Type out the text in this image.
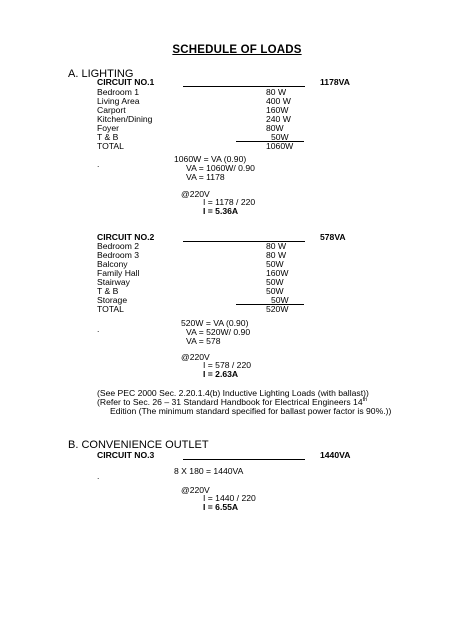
SCHEDULE OF LOADS
A. LIGHTING
CIRCUIT NO.1	1178VA
Bedroom 1	80 W
Living Area	400 W
Carport	160W
Kitchen/Dining	240 W
Foyer	80W
T & B	50W
TOTAL	1060W
.	1060W = VA (0.90)
VA = 1060W/ 0.90
VA = 1178
@220V
I = 1178 / 220
I = 5.36A
CIRCUIT NO.2	578VA
Bedroom 2	80 W
Bedroom 3	80 W
Balcony	50W
Family Hall	160W
Stairway	50W
T & B	50W
Storage	50W
TOTAL	520W
.
520W = VA (0.90)
VA = 520W/ 0.90
VA = 578
@220V
I = 578 / 220
I = 2.63A
(See PEC 2000 Sec. 2.20.1.4(b) Inductive Lighting Loads (with ballast))
(Refer to Sec. 26 – 31 Standard Handbook for Electrical Engineers 14th
Edition (The minimum standard specified for ballast power factor is 90%.))
B. CONVENIENCE OUTLET
CIRCUIT NO.3	1440VA
8 X 180 = 1440VA
.
@220V
I = 1440 / 220
I = 6.55A
